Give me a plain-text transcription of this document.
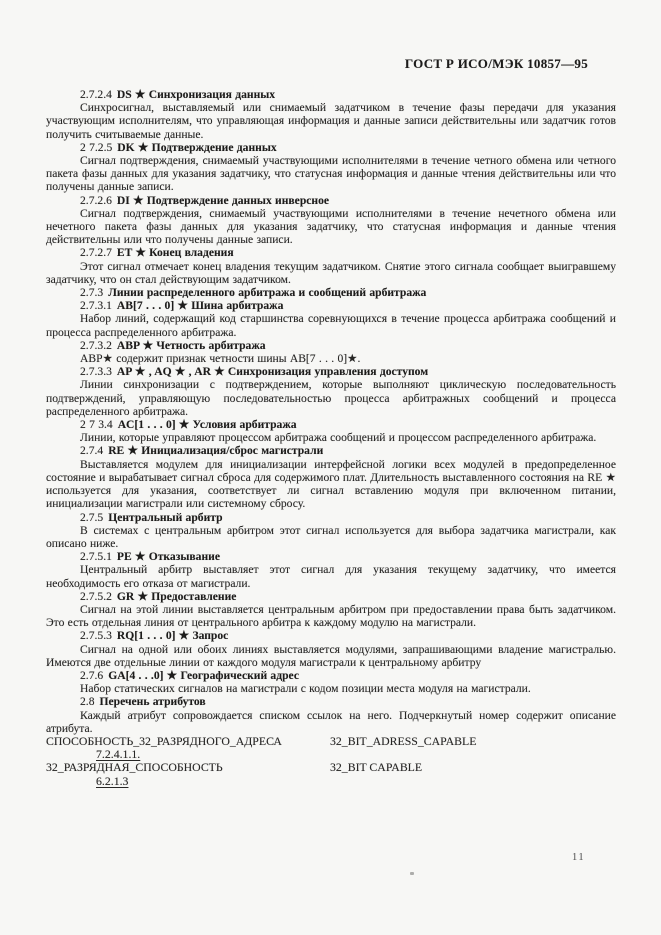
ГОСТ Р ИСО/МЭК 10857—95

2.7.2.4 DS ★ Синхронизация данных

Синхросигнал, выставляемый или снимаемый задатчиком в течение фазы передачи для указания участвующим исполнителям, что управляющая информация и данные записи действительны или задатчик готов получить считываемые данные.

2 7.2.5 DK ★ Подтверждение данных

Сигнал подтверждения, снимаемый участвующими исполнителями в течение четного обмена или четного пакета фазы данных для указания задатчику, что статусная информация и данные чтения действительны или что получены данные записи.

2.7.2.6 DI ★ Подтверждение данных инверсное

Сигнал подтверждения, снимаемый участвующими исполнителями в течение нечетного обмена или нечетного пакета фазы данных для указания задатчику, что статусная информация и данные чтения действительны или что получены данные записи.

2.7.2.7 ET ★ Конец владения

Этот сигнал отмечает конец владения текущим задатчиком. Снятие этого сигнала сообщает выигравшему задатчику, что он стал действующим задатчиком.

2.7.3 Линии распределенного арбитража и сообщений арбитража

2.7.3.1 AB[7 . . . 0] ★ Шина арбитража

Набор линий, содержащий код старшинства соревнующихся в течение процесса арбитража сообщений и процесса распределенного арбитража.

2.7.3.2 ABP ★ Четность арбитража

ABP★ содержит признак четности шины AB[7 . . . 0]★.

2.7.3.3 AP ★ , AQ ★ , AR ★ Синхронизация управления доступом

Линии синхронизации с подтверждением, которые выполняют циклическую последовательность подтверждений, управляющую последовательностью процесса арбитражных сообщений и процесса распределенного арбитража.

2 7 3.4 AC[1 . . . 0] ★ Условия арбитража

Линии, которые управляют процессом арбитража сообщений и процессом распределенного арбитража.

2.7.4 RE ★ Инициализация/сброс магистрали

Выставляется модулем для инициализации интерфейсной логики всех модулей в предопределенное состояние и вырабатывает сигнал сброса для содержимого плат. Длительность выставленного состояния на RE ★ используется для указания, соответствует ли сигнал вставлению модуля при включенном питании, инициализации магистрали или системному сбросу.

2.7.5 Центральный арбитр

В системах с центральным арбитром этот сигнал используется для выбора задатчика магистрали, как описано ниже.

2.7.5.1 PE ★ Отказывание

Центральный арбитр выставляет этот сигнал для указания текущему задатчику, что имеется необходимость его отказа от магистрали.

2.7.5.2 GR ★ Предоставление

Сигнал на этой линии выставляется центральным арбитром при предоставлении права быть задатчиком. Это есть отдельная линия от центрального арбитра к каждому модулю на магистрали.

2.7.5.3 RQ[1 . . . 0] ★ Запрос

Сигнал на одной или обоих линиях выставляется модулями, запрашивающими владение магистралью. Имеются две отдельные линии от каждого модуля магистрали к центральному арбитру

2.7.6 GA[4 . . .0] ★ Географический адрес

Набор статических сигналов на магистрали с кодом позиции места модуля на магистрали.

2.8 Перечень атрибутов

Каждый атрибут сопровождается списком ссылок на него. Подчеркнутый номер содержит описание атрибута.

СПОСОБНОСТЬ_32_РАЗРЯДНОГО_АДРЕСА	32_BIT_ADRESS_CAPABLE
7.2.4.1.1.
32_РАЗРЯДНАЯ_СПОСОБНОСТЬ	32_BIT CAPABLE
6.2.1.3
11
